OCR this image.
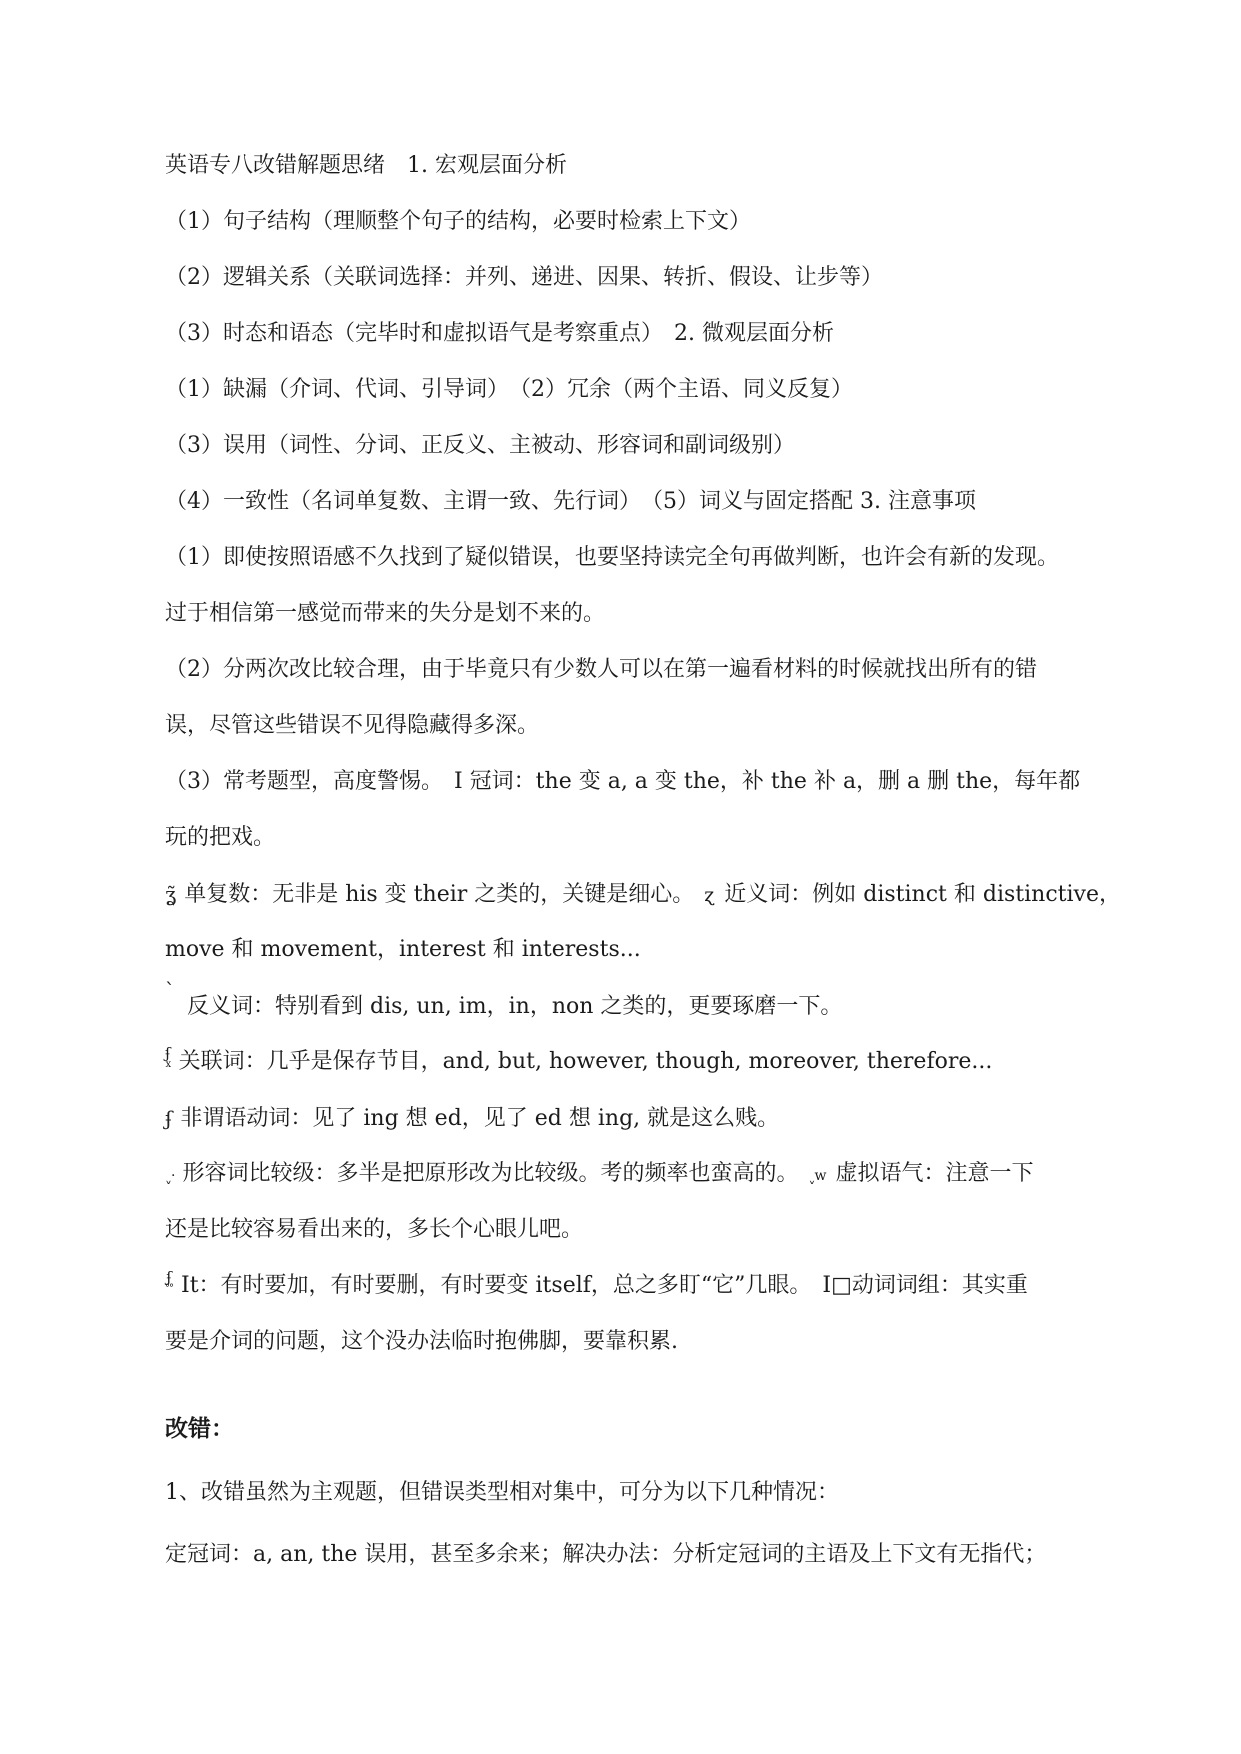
英语专八改错解题思绪　1. 宏观层面分析
（1）句子结构（理顺整个句子的结构，必要时检索上下文）
（2）逻辑关系（关联词选择：并列、递进、因果、转折、假设、让步等）
（3）时态和语态（完毕时和虚拟语气是考察重点）　2. 微观层面分析
（1）缺漏（介词、代词、引导词）　（2）冗余（两个主语、同义反复）
（3）误用（词性、分词、正反义、主被动、形容词和副词级别）
（4）一致性（名词单复数、主谓一致、先行词）　（5）词义与固定搭配 3. 注意事项
（1）即使按照语感不久找到了疑似错误，也要坚持读完全句再做判断，也许会有新的发现。
过于相信第一感觉而带来的失分是划不来的。
（2）分两次改比较合理，由于毕竟只有少数人可以在第一遍看材料的时候就找出所有的错
误，尽管这些错误不见得隐藏得多深。
（3）常考题型，高度警惕。　I 冠词：the 变 a, a 变 the，补 the 补 a，删 a 删 the，每年都
玩的把戏。
ʓ̃ 单复数：无非是 his 变 their 之类的，关键是细心。 ɀ 近义词：例如 distinct 和 distinctive，
move 和 movement，interest 和 interests...
`反义词：特别看到 dis, un, im，in，non 之类的，更要琢磨一下。
ʄ
x 关联词：几乎是保存节目，and, but, however, though, moreover, therefore...
ʄ 非谓语动词：见了 ing 想 ed，见了 ed 想 ing, 就是这么贱。
ˬ· 形容词比较级：多半是把原形改为比较级。考的频率也蛮高的。 ˬw 虚拟语气：注意一下
还是比较容易看出来的，多长个心眼儿吧。
ʄ
°° It：有时要加，有时要删，有时要变 itself，总之多盯“它”几眼。　I□动词词组：其实重
要是介词的问题，这个没办法临时抱佛脚，要靠积累.
改错：
1、改错虽然为主观题，但错误类型相对集中，可分为以下几种情况：
定冠词：a, an, the 误用，甚至多余来；解决办法：分析定冠词的主语及上下文有无指代；
